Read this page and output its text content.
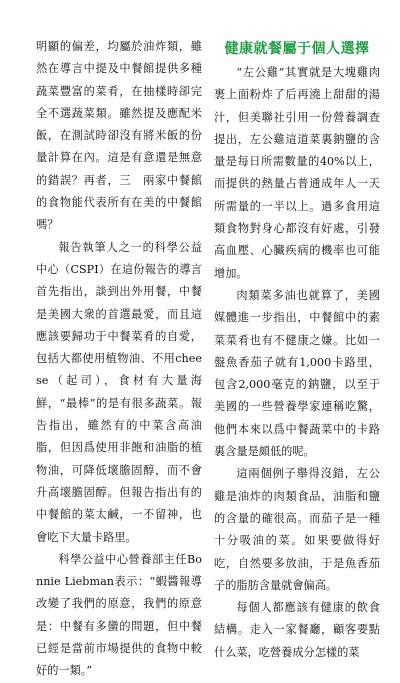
明顯的偏差，均屬於油炸類，雖然在導言中提及中餐館提供多種蔬菜豐富的菜肴，在抽樣時卻完全不選蔬菜類。雖然提及應配米飯，在測試時卻沒有將米飯的份量計算在內。這是有意還是無意的錯誤？再者，三　兩家中餐館的食物能代表所有在美的中餐館嗎？

報告執筆人之一的科學公益中心（CSPI）在這份報告的導言首先指出，談到出外用餐，中餐是美國大衆的首選最愛，而且這應該要歸功于中餐菜肴的自愛，包括大都使用植物油、不用cheese（起司），食材有大量海鮮，“最棒”的是有很多蔬菜。報告指出，雖然有的中菜含高油脂，但因爲使用非飽和油脂的植物油，可降低壞膽固醇，而不會升高壞膽固醇。但報告指出有的中餐館的菜太鹹，一不留神，也會吃下大量卡路里。

科學公益中心營養部主任Bonnie Liebman表示：“蝦醬報導改變了我們的原意，我們的原意是：中餐有多蠻的問題，但中餐已經是當前市場提供的食物中較好的一類。”

健康就餐屬于個人選擇

“左公雞”其實就是大塊雞肉裹上面粉炸了后再澆上甜甜的湯汁，但美聯社引用一份營養調查提出，左公雞這道菜裏鈉鹽的含量是每日所需數量的40%以上，而提供的熱量占普通成年人一天所需量的一半以上。過多食用這類食物對身心都沒有好處，引發高血壓、心臟疾病的機率也可能增加。

肉類菜多油也就算了，美國媒體進一步指出，中餐館中的素菜菜肴也有不健康之嫌。比如一盤魚香茄子就有1,000卡路里，包含2,000毫克的鈉鹽，以至于美國的一些營養學家連稱吃驚，他們本來以爲中餐蔬菜中的卡路裏含量是頗低的呢。

這兩個例子舉得沒錯，左公雞是油炸的肉類食品，油脂和鹽的含量的確很高。而茄子是一種十分吸油的菜。如果要做得好吃，自然要多放油，于是魚香茄子的脂肪含量就會偏高。

每個人都應該有健康的飲食結構。走入一家餐廳，顧客要點什么菜，吃營養成分怎樣的菜
